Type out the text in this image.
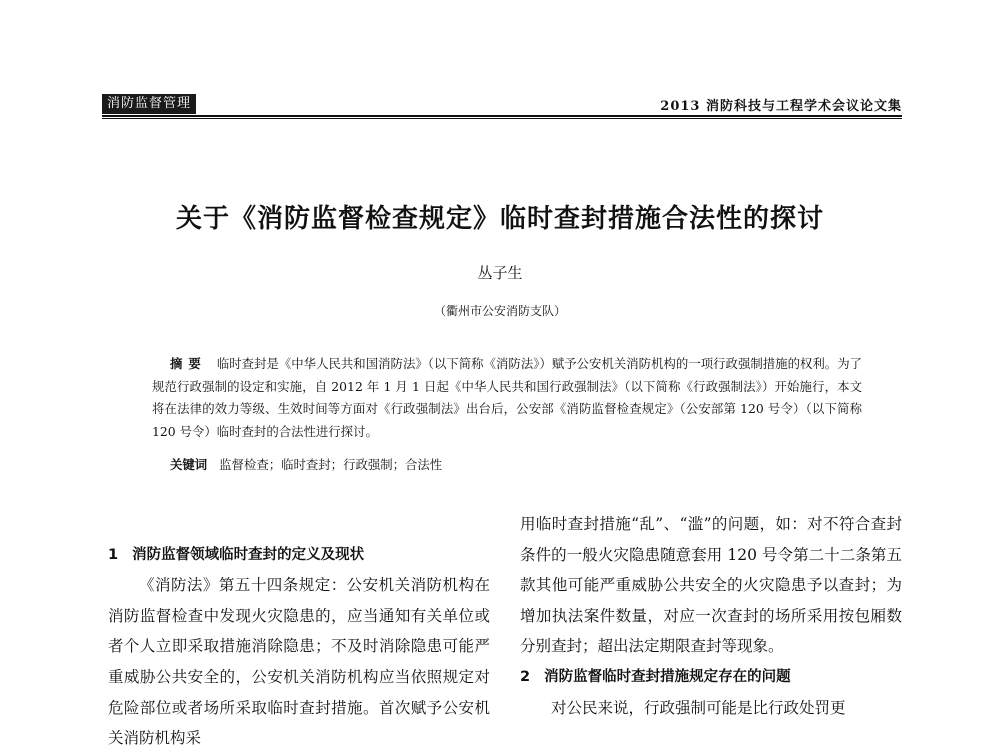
消防监督管理	2013 消防科技与工程学术会议论文集
关于《消防监督检查规定》临时查封措施合法性的探讨
丛子生
（衢州市公安消防支队）
摘要 临时查封是《中华人民共和国消防法》（以下简称《消防法》）赋予公安机关消防机构的一项行政强制措施的权利。为了规范行政强制的设定和实施，自 2012 年 1 月 1 日起《中华人民共和国行政强制法》（以下简称《行政强制法》）开始施行，本文将在法律的效力等级、生效时间等方面对《行政强制法》出台后，公安部《消防监督检查规定》（公安部第 120 号令）（以下简称 120 号令）临时查封的合法性进行探讨。
关键词 监督检查；临时查封；行政强制；合法性
1 消防监督领域临时查封的定义及现状

《消防法》第五十四条规定：公安机关消防机构在消防监督检查中发现火灾隐患的，应当通知有关单位或者个人立即采取措施消除隐患；不及时消除隐患可能严重威胁公共安全的，公安机关消防机构应当依照规定对危险部位或者场所采取临时查封措施。首次赋予公安机关消防机构采

用临时查封措施“乱”、“滥”的问题，如：对不符合查封条件的一般火灾隐患随意套用 120 号令第二十二条第五款其他可能严重威胁公共安全的火灾隐患予以查封；为增加执法案件数量，对应一次查封的场所采用按包厢数分别查封；超出法定期限查封等现象。

2 消防监督临时查封措施规定存在的问题

对公民来说，行政强制可能是比行政处罚更
